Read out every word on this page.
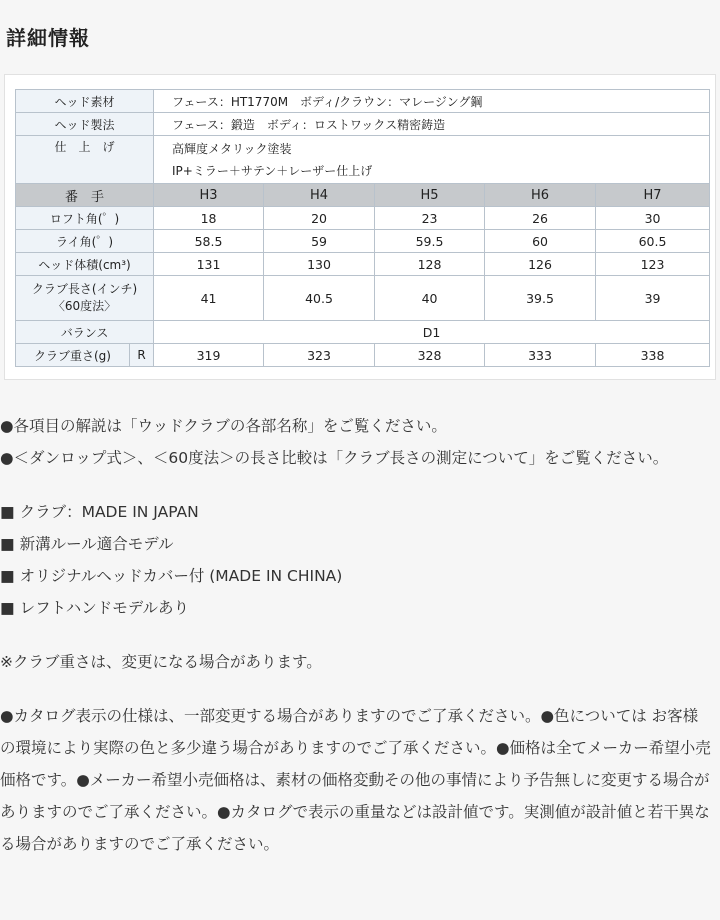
詳細情報
ヘッド素材		フェース：HT1770M　ボディ/クラウン：マレージング鋼				
ヘッド製法		フェース：鍛造　ボディ：ロストワックス精密鋳造				
仕　上　げ		高輝度メタリック塗装
IP+ミラー＋サテン＋レーザー仕上げ				

番　手		H3	H4	H5	H6	H7
ロフト角(゜)		18	20	23	26	30
ライ角(゜)		58.5	59	59.5	60	60.5
ヘッド体積(cm³)		131	130	128	126	123

クラブ長さ(インチ)
〈60度法〉		41	40.5	40	39.5	39
バランス		D1				
クラブ重さ(g)	R	319	323	328	333	338

●各項目の解説は「ウッドクラブの各部名称」をご覧ください。

●＜ダンロップ式＞、＜60度法＞の長さ比較は「クラブ長さの測定について」をご覧ください。

■ クラブ：MADE IN JAPAN

■ 新溝ルール適合モデル

■ オリジナルヘッドカバー付 (MADE IN CHINA)

■ レフトハンドモデルあり

※クラブ重さは、変更になる場合があります。

●カタログ表示の仕様は、一部変更する場合がありますのでご了承ください。●色については お客様の環境により実際の色と多少違う場合がありますのでご了承ください。●価格は全てメーカー希望小売価格です。●メーカー希望小売価格は、素材の価格変動その他の事情により予告無しに変更する場合がありますのでご了承ください。●カタログで表示の重量などは設計値です。実測値が設計値と若干異なる場合がありますのでご了承ください。
